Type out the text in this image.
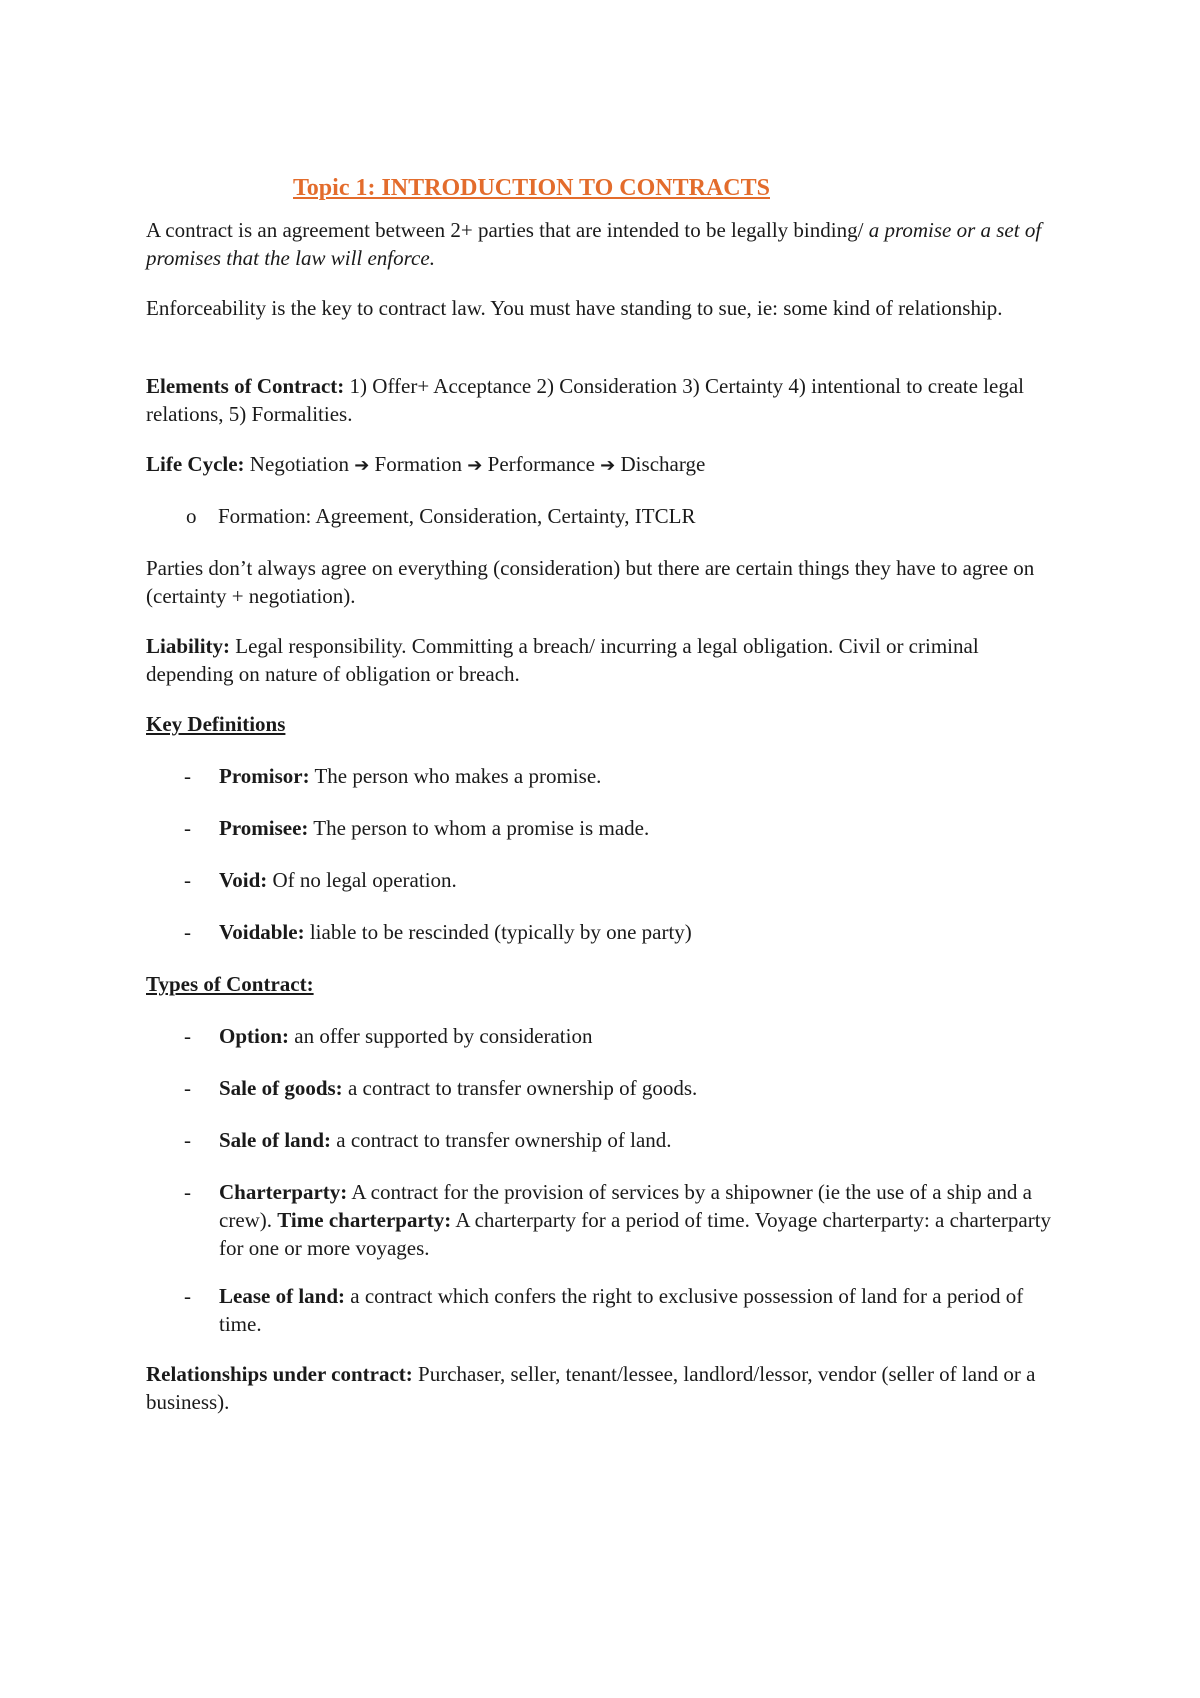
Topic 1: INTRODUCTION TO CONTRACTS

A contract is an agreement between 2+ parties that are intended to be legally binding/ a promise or a set of promises that the law will enforce.

Enforceability is the key to contract law. You must have standing to sue, ie: some kind of relationship.

Elements of Contract: 1) Offer+ Acceptance 2) Consideration 3) Certainty 4) intentional to create legal relations, 5) Formalities.

Life Cycle: Negotiation ➔ Formation ➔ Performance ➔ Discharge

o Formation: Agreement, Consideration, Certainty, ITCLR

Parties don’t always agree on everything (consideration) but there are certain things they have to agree on (certainty + negotiation).

Liability: Legal responsibility. Committing a breach/ incurring a legal obligation. Civil or criminal depending on nature of obligation or breach.

Key Definitions

- Promisor: The person who makes a promise.
- Promisee: The person to whom a promise is made.
- Void: Of no legal operation.
- Voidable: liable to be rescinded (typically by one party)

Types of Contract:

- Option: an offer supported by consideration
- Sale of goods: a contract to transfer ownership of goods.
- Sale of land: a contract to transfer ownership of land.
- Charterparty: A contract for the provision of services by a shipowner (ie the use of a ship and a crew). Time charterparty: A charterparty for a period of time. Voyage charterparty: a charterparty for one or more voyages.
- Lease of land: a contract which confers the right to exclusive possession of land for a period of time.

Relationships under contract: Purchaser, seller, tenant/lessee, landlord/lessor, vendor (seller of land or a business).
